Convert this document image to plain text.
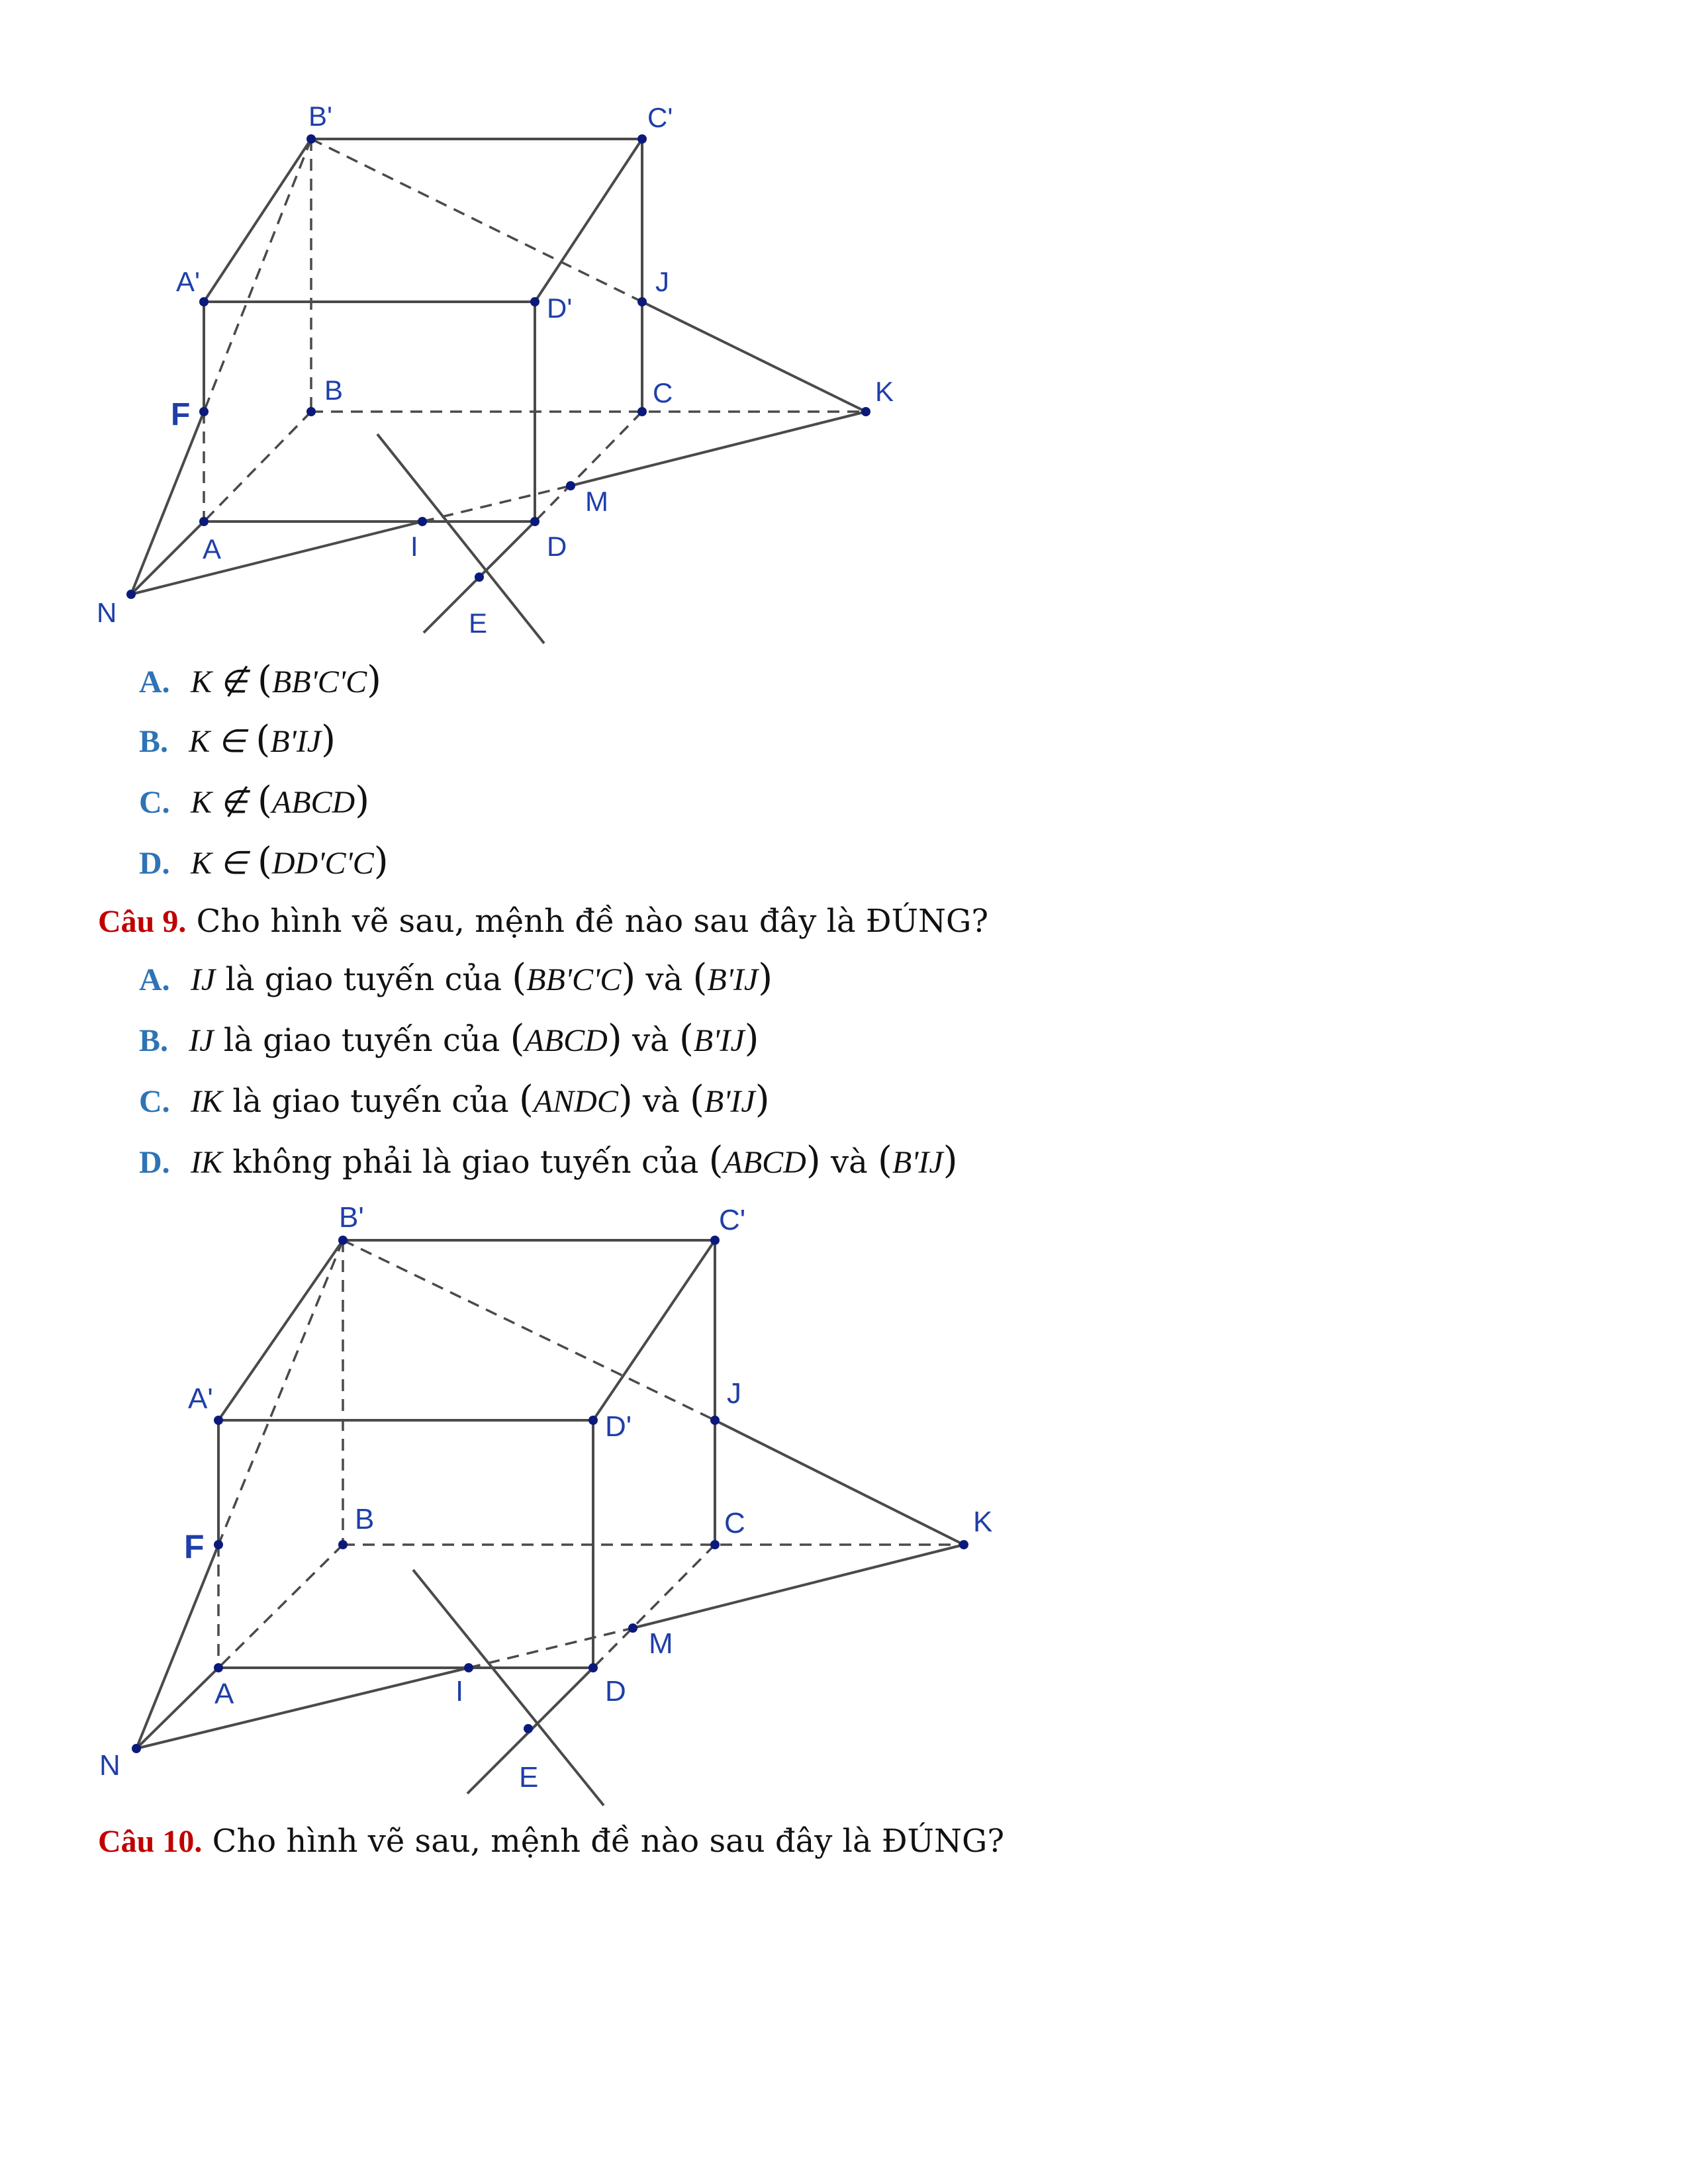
B'	C'
A'
D'
J
B	C	K
F
M
A	I	D
N	E
A. K ∉ (BB'C'C)
B. K ∈ (B'IJ)
C. K ∉ (ABCD)
D. K ∈ (DD'C'C)
Câu 9. Cho hình vẽ sau, mệnh đề nào sau đây là ĐÚNG?
A. IJ là giao tuyến của (BB'C'C) và (B'IJ)
B. IJ là giao tuyến của (ABCD) và (B'IJ)
C. IK là giao tuyến của (ANDC) và (B'IJ)
D. IK không phải là giao tuyến của (ABCD) và (B'IJ)
B'	C'
A'
D'
J
B	C	K
F
M
A	I	D
N	E
Câu 10. Cho hình vẽ sau, mệnh đề nào sau đây là ĐÚNG?
